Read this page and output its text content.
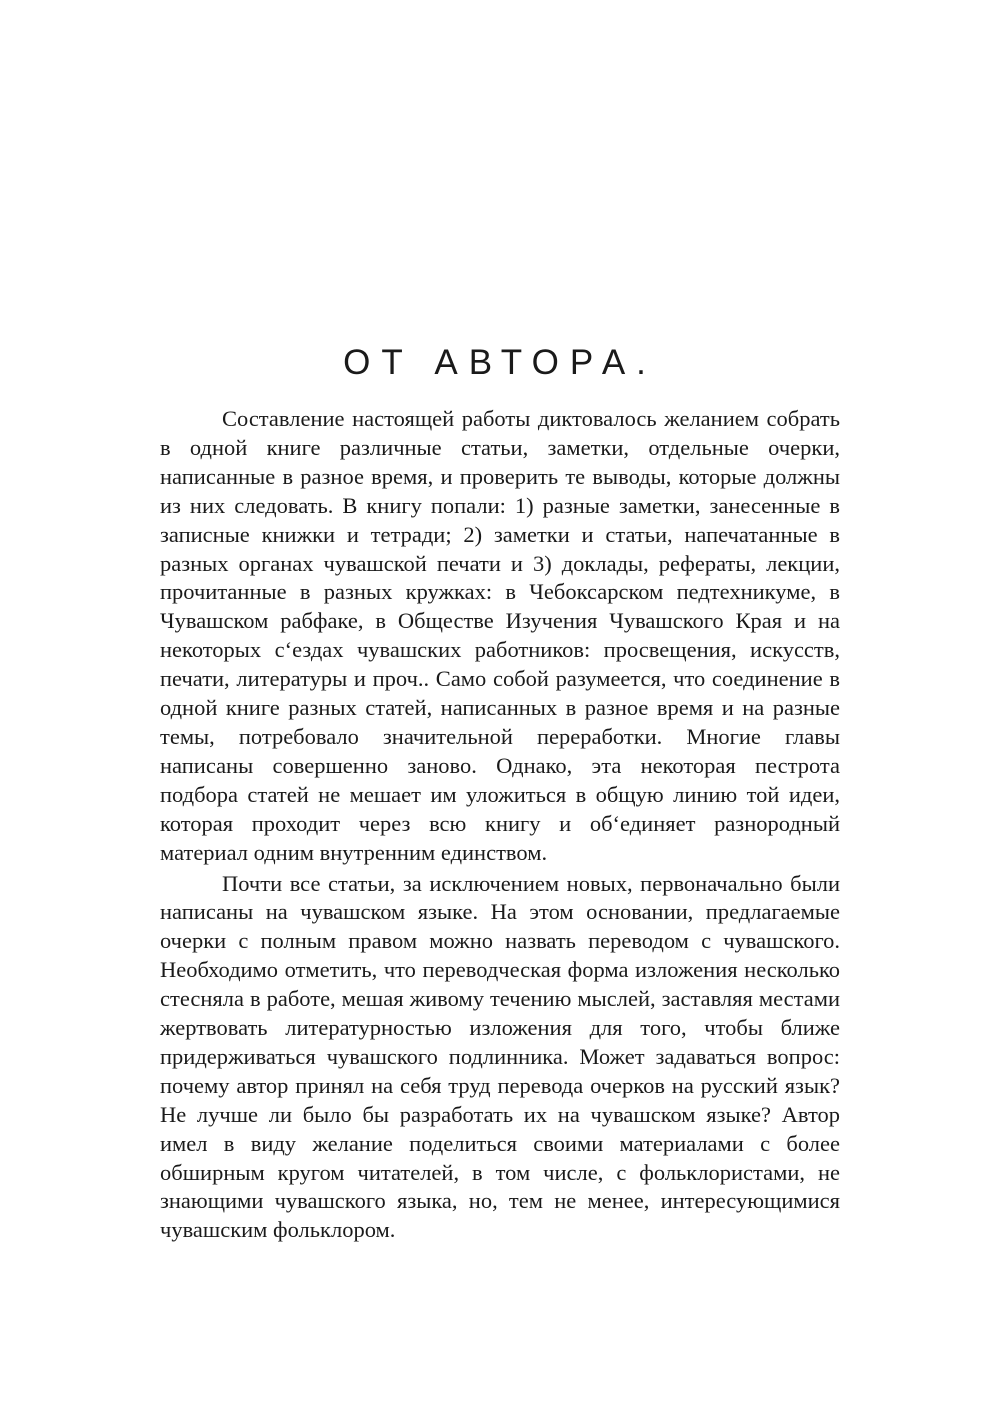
ОТ АВТОРА.

Составление настоящей работы диктовалось желанием собрать в одной книге различные статьи, заметки, отдельные очерки, написанные в разное время, и проверить те выводы, которые должны из них следовать. В книгу попали: 1) разные заметки, занесенные в записные книжки и тетради; 2) заметки и статьи, напечатанные в разных органах чувашской печати и 3) доклады, рефераты, лекции, прочитанные в разных кружках: в Чебоксарском педтехникуме, в Чувашском рабфаке, в Обществе Изучения Чувашского Края и на некоторых с‘ездах чувашских работников: просвещения, искусств, печати, литературы и проч.. Само собой разумеется, что соединение в одной книге разных статей, написанных в разное время и на разные темы, потребовало значительной переработки. Многие главы написаны совершенно заново. Однако, эта некоторая пестрота подбора статей не мешает им уложиться в общую линию той идеи, которая проходит через всю книгу и об‘единяет разнородный материал одним внутренним единством.

Почти все статьи, за исключением новых, первоначально были написаны на чувашском языке. На этом основании, предлагаемые очерки с полным правом можно назвать переводом с чувашского. Необходимо отметить, что переводческая форма изложения несколько стесняла в работе, мешая живому течению мыслей, заставляя местами жертвовать литературностью изложения для того, чтобы ближе придерживаться чувашского подлинника. Может задаваться вопрос: почему автор принял на себя труд перевода очерков на русский язык? Не лучше ли было бы разработать их на чувашском языке? Автор имел в виду желание поделиться своими материалами с более обширным кругом читателей, в том числе, с фольклористами, не знающими чувашского языка, но, тем не менее, интересующимися чувашским фольклором.
